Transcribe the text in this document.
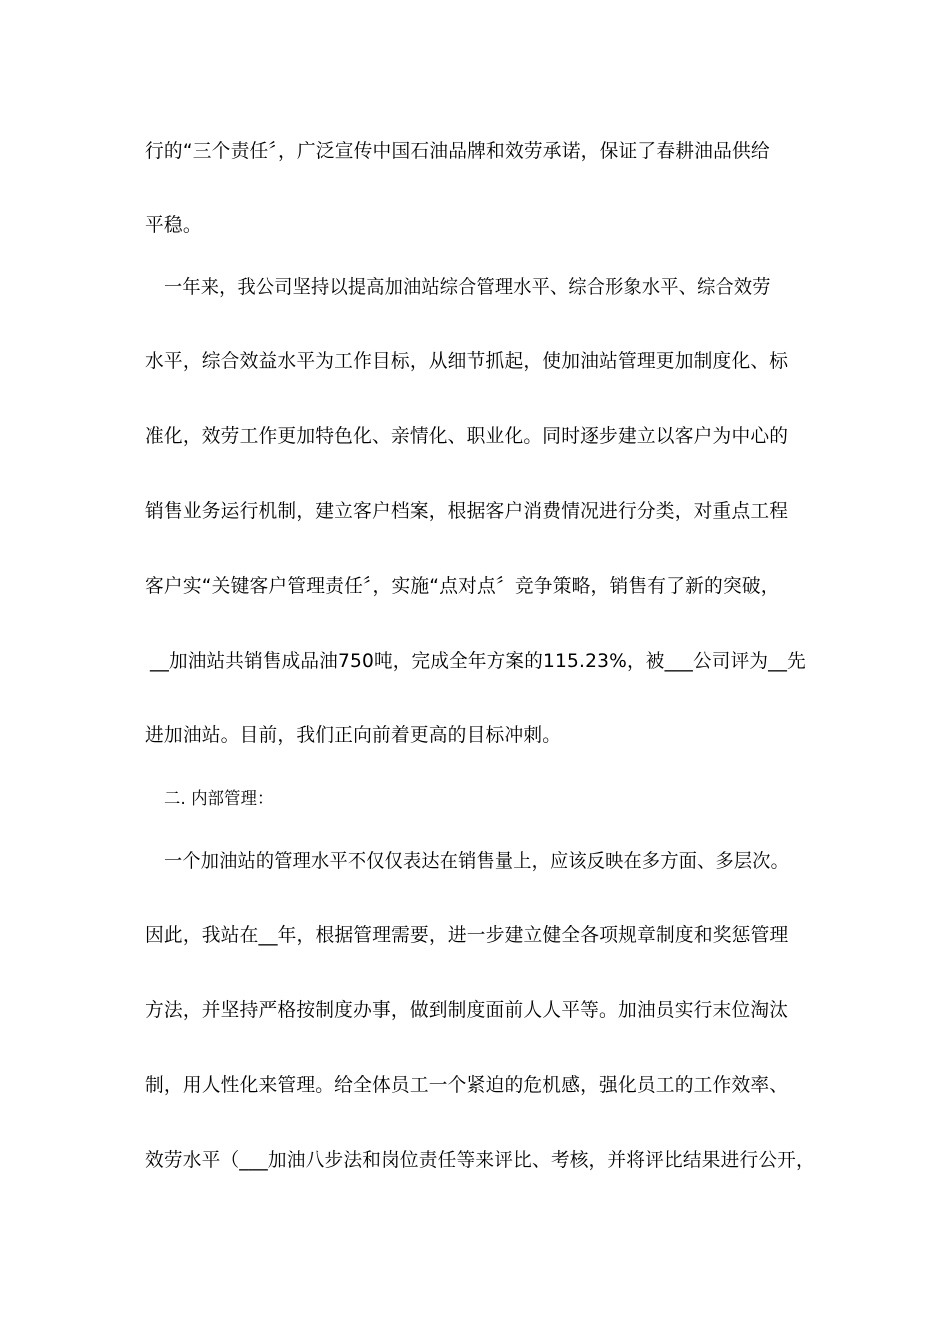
行的“三个责任〞，广泛宣传中国石油品牌和效劳承诺，保证了春耕油品供给
平稳。
一年来，我公司坚持以提高加油站综合管理水平、综合形象水平、综合效劳
水平，综合效益水平为工作目标，从细节抓起，使加油站管理更加制度化、标
准化，效劳工作更加特色化、亲情化、职业化。同时逐步建立以客户为中心的
销售业务运行机制，建立客户档案，根据客户消费情况进行分类，对重点工程
客户实“关键客户管理责任〞，实施“点对点〞竞争策略，销售有了新的突破，
__加油站共销售成品油750吨，完成全年方案的115.23%，被___公司评为__先
进加油站。目前，我们正向前着更高的目标冲刺。
二. 内部管理：
一个加油站的管理水平不仅仅表达在销售量上，应该反映在多方面、多层次。
因此，我站在__年，根据管理需要，进一步建立健全各项规章制度和奖惩管理
方法，并坚持严格按制度办事，做到制度面前人人平等。加油员实行末位淘汰
制，用人性化来管理。给全体员工一个紧迫的危机感，强化员工的工作效率、
效劳水平（___加油八步法和岗位责任等来评比、考核，并将评比结果进行公开，
